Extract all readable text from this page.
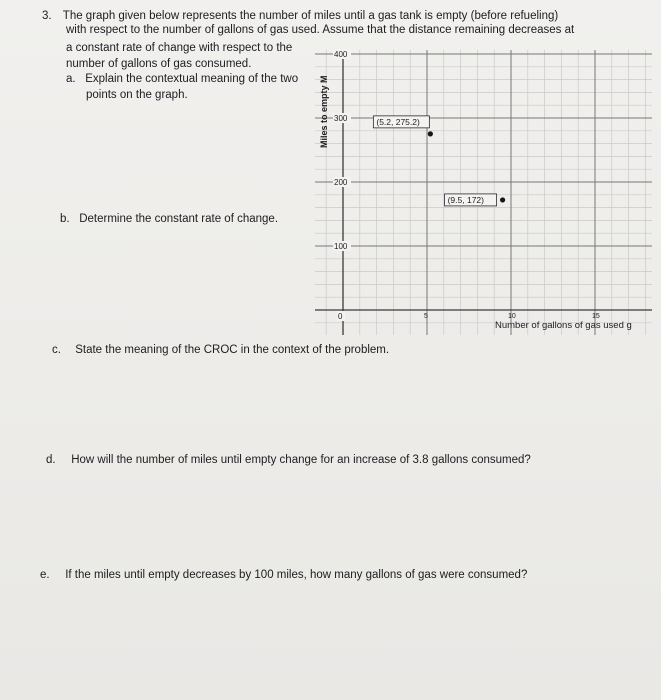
3. The graph given below represents the number of miles until a gas tank is empty (before refueling)
with respect to the number of gallons of gas used. Assume that the distance remaining decreases at
a constant rate of change with respect to the
number of gallons of gas consumed.
a. Explain the contextual meaning of the two
points on the graph.
b. Determine the constant rate of change.
c. State the meaning of the CROC in the context of the problem.
d. How will the number of miles until empty change for an increase of 3.8 gallons consumed?
e. If the miles until empty decreases by 100 miles, how many gallons of gas were consumed?
100
200
300
400
0	5	10	15
(5.2, 275.2)
(9.5, 172)
Miles to empty M
Number of gallons of gas used g
